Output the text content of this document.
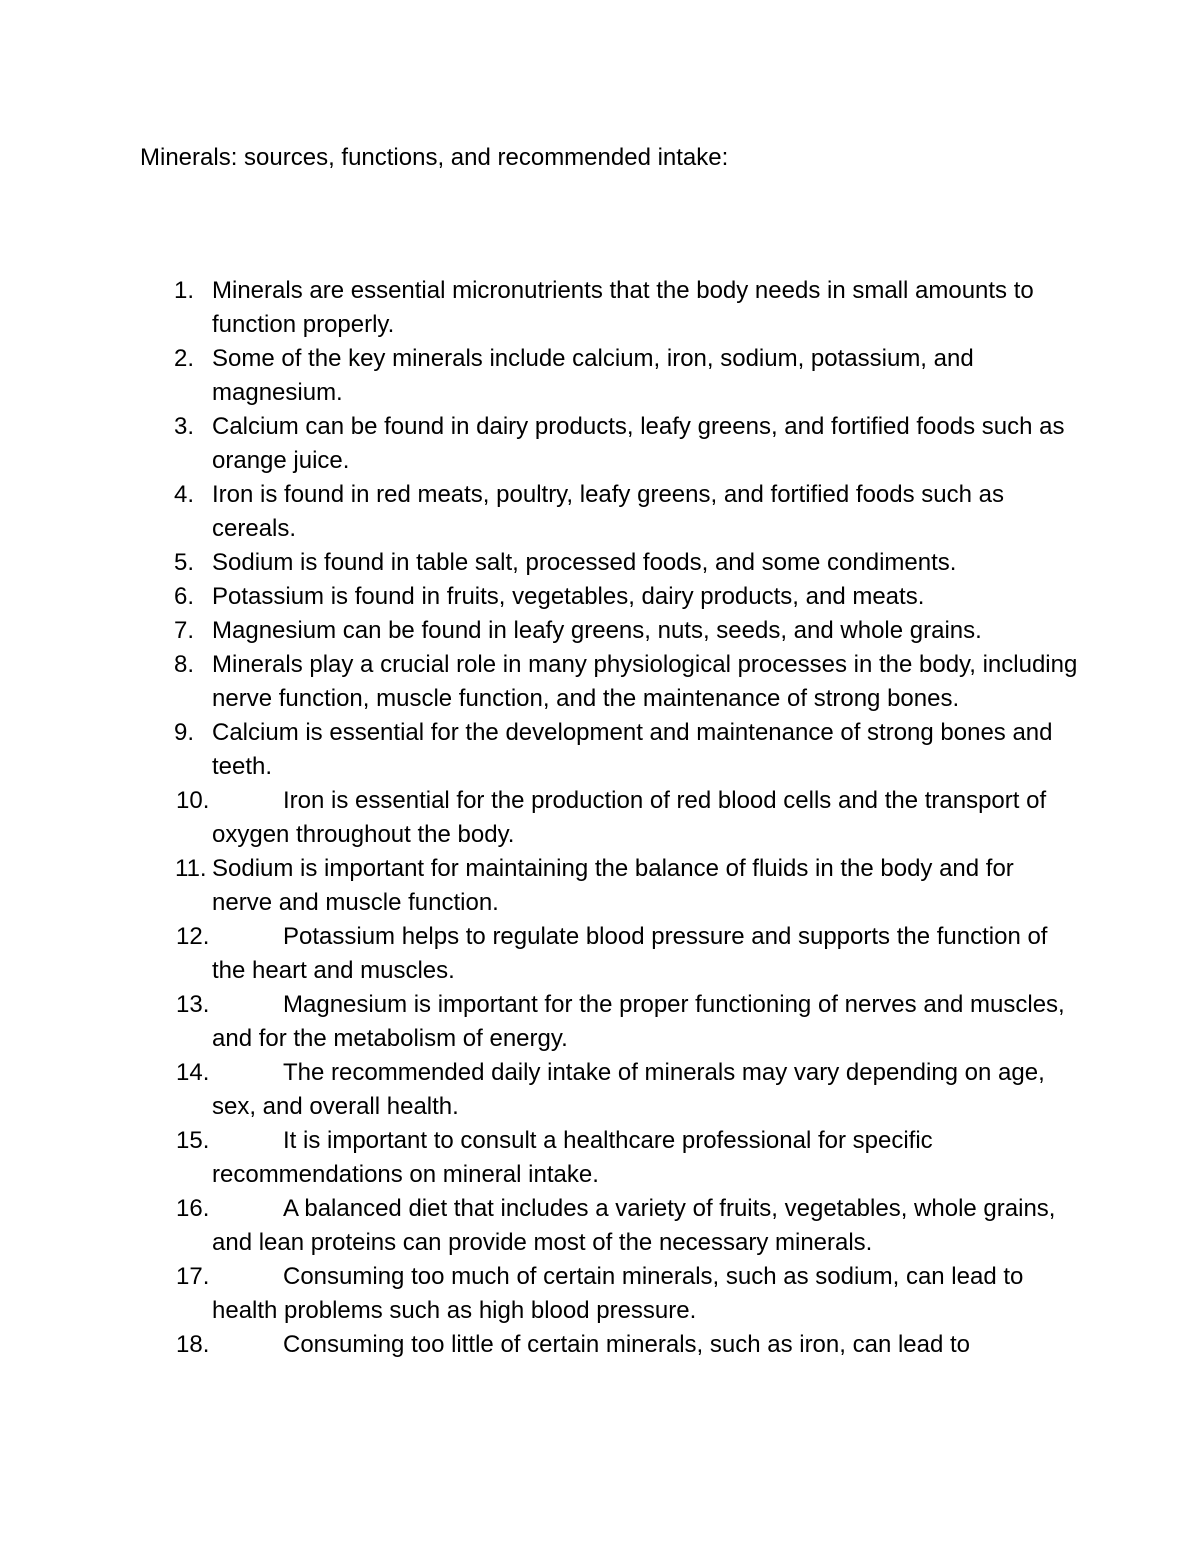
Minerals: sources, functions, and recommended intake:
1. Minerals are essential micronutrients that the body needs in small amounts to function properly.
2. Some of the key minerals include calcium, iron, sodium, potassium, and magnesium.
3. Calcium can be found in dairy products, leafy greens, and fortified foods such as orange juice.
4. Iron is found in red meats, poultry, leafy greens, and fortified foods such as cereals.
5. Sodium is found in table salt, processed foods, and some condiments.
6. Potassium is found in fruits, vegetables, dairy products, and meats.
7. Magnesium can be found in leafy greens, nuts, seeds, and whole grains.
8. Minerals play a crucial role in many physiological processes in the body, including nerve function, muscle function, and the maintenance of strong bones.
9. Calcium is essential for the development and maintenance of strong bones and teeth.
10.	Iron is essential for the production of red blood cells and the transport of oxygen throughout the body.
11. Sodium is important for maintaining the balance of fluids in the body and for nerve and muscle function.
12.	Potassium helps to regulate blood pressure and supports the function of the heart and muscles.
13.	Magnesium is important for the proper functioning of nerves and muscles, and for the metabolism of energy.
14.	The recommended daily intake of minerals may vary depending on age, sex, and overall health.
15.	It is important to consult a healthcare professional for specific recommendations on mineral intake.
16.	A balanced diet that includes a variety of fruits, vegetables, whole grains, and lean proteins can provide most of the necessary minerals.
17.	Consuming too much of certain minerals, such as sodium, can lead to health problems such as high blood pressure.
18.	Consuming too little of certain minerals, such as iron, can lead to
